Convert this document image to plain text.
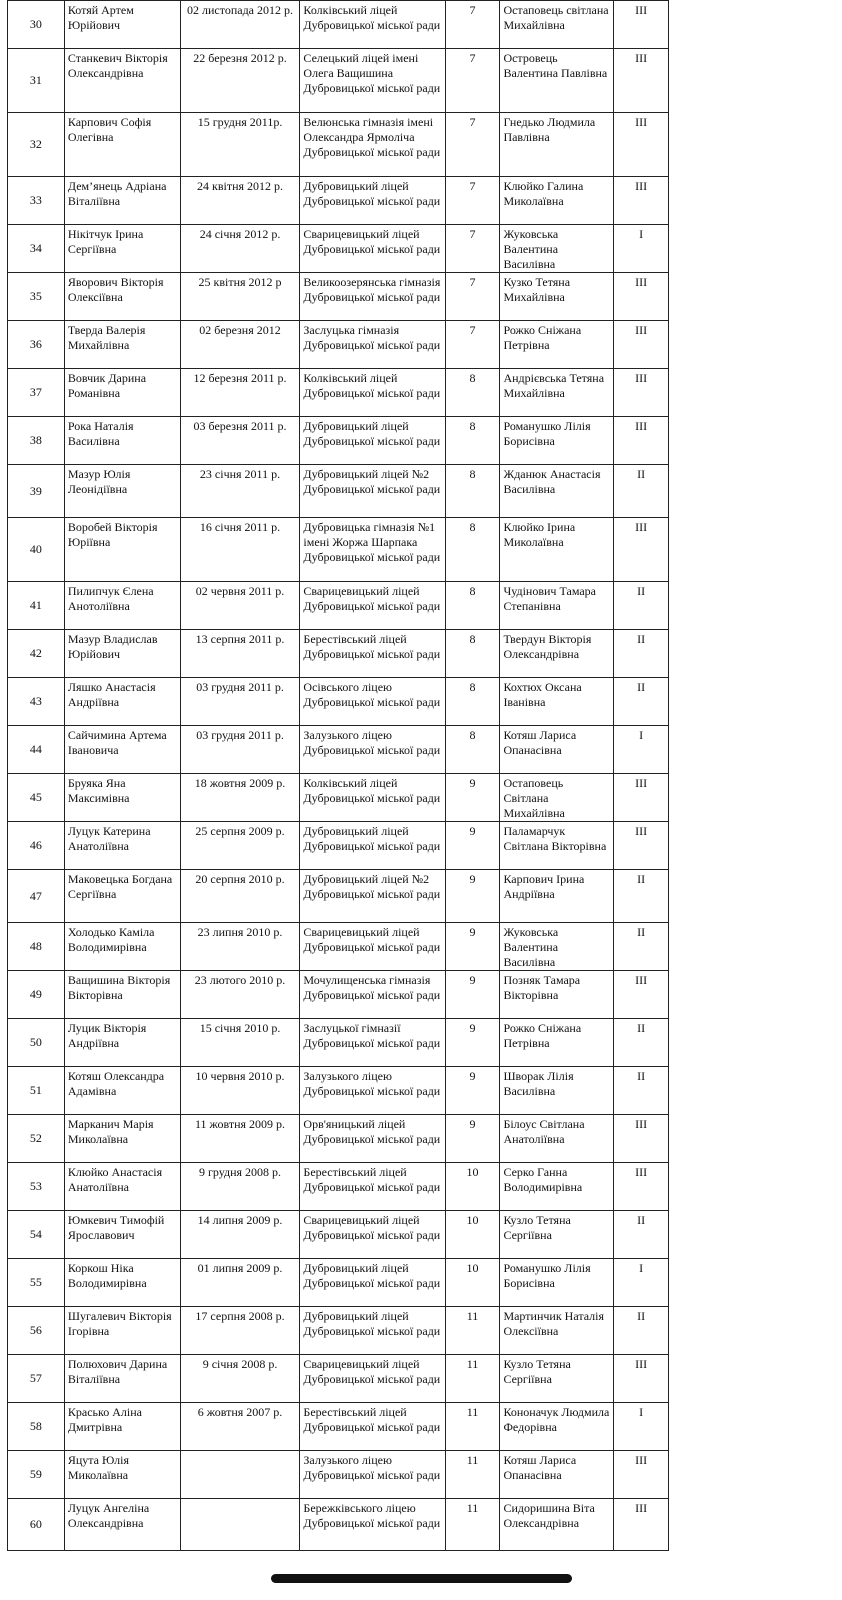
30	Котяй Артем Юрійович	02 листопада 2012 р.	Колківський ліцей Дубровицької міської ради	7	Остаповець світлана Михайлівна	III
31	Станкевич Вікторія Олександрівна	22 березня 2012 р.	Селецький ліцей імені Олега Ващишина Дубровицької міської ради	7	Островець Валентина Павлівна	III
32	Карпович Софія Олегівна	15 грудня 2011р.	Велюнська гімназія імені Олександра Ярмоліча Дубровицької міської ради	7	Гнедько Людмила Павлівна	III
33	Дем’янець Адріана Віталіївна	24 квітня 2012 р.	Дубровицький ліцей Дубровицької міської ради	7	Клюйко Галина Миколаївна	III
34	Нікітчук Ірина Сергіївна	24 січня 2012 р.	Сварицевицький ліцей Дубровицької міської ради	7	Жуковська Валентина Василівна	I
35	Яворович Вікторія Олексіївна	25 квітня 2012 р	Великоозерянська гімназія Дубровицької міської ради	7	Кузко Тетяна Михайлівна	III
36	Тверда Валерія Михайлівна	02 березня 2012	Заслуцька гімназія Дубровицької міської ради	7	Рожко Сніжана Петрівна	III
37	Вовчик Дарина Романівна	12 березня 2011 р.	Колківський ліцей Дубровицької міської ради	8	Андрієвська Тетяна Михайлівна	III
38	Рока Наталія Василівна	03 березня 2011 р.	Дубровицький ліцей Дубровицької міської ради	8	Романушко Лілія Борисівна	III
39	Мазур Юлія Леонідіївна	23 січня 2011 р.	Дубровицький ліцей №2 Дубровицької міської ради	8	Жданюк Анастасія Василівна	II
40	Воробей Вікторія Юріївна	16 січня 2011 р.	Дубровицька гімназія №1 імені Жоржа Шарпака Дубровицької міської ради	8	Клюйко Ірина Миколаївна	III
41	Пилипчук Єлена Анотоліївна	02 червня 2011 р.	Сварицевицький ліцей Дубровицької міської ради	8	Чудінович Тамара Степанівна	II
42	Мазур Владислав Юрійович	13 серпня 2011 р.	Берестівський ліцей Дубровицької міської ради	8	Твердун Вікторія Олександрівна	II
43	Ляшко Анастасія Андріївна	03 грудня 2011 р.	Осівського ліцею Дубровицької міської ради	8	Кохтюх Оксана Іванівна	II
44	Сайчимина Артема Івановича	03 грудня 2011 р.	Залузького ліцею Дубровицької міської ради	8	Котяш Лариса Опанасівна	I
45	Бруяка Яна Максимівна	18 жовтня 2009 р.	Колківський ліцей Дубровицької міської ради	9	Остаповець Світлана Михайлівна	III
46	Луцук Катерина Анатоліївна	25 серпня 2009 р.	Дубровицький ліцей Дубровицької міської ради	9	Паламарчук Світлана Вікторівна	III
47	Маковецька Богдана Сергіївна	20 серпня 2010 р.	Дубровицький ліцей №2 Дубровицької міської ради	9	Карпович Ірина Андріївна	II
48	Холодько Каміла Володимирівна	23 липня 2010 р.	Сварицевицький ліцей Дубровицької міської ради	9	Жуковська Валентина Василівна	II
49	Ващишина Вікторія Вікторівна	23 лютого 2010 р.	Мочулищенська гімназія Дубровицької міської ради	9	Позняк Тамара Вікторівна	III
50	Луцик Вікторія Андріївна	15 січня 2010 р.	Заслуцької гімназії Дубровицької міської ради	9	Рожко Сніжана Петрівна	II
51	Котяш Олександра Адамівна	10 червня 2010 р.	Залузького ліцею Дубровицької міської ради	9	Шворак Лілія Василівна	II
52	Марканич Марія Миколаївна	11 жовтня 2009 р.	Орв'яницький ліцей Дубровицької міської ради	9	Білоус Світлана Анатоліївна	III
53	Клюйко Анастасія Анатоліївна	9 грудня 2008 р.	Берестівський ліцей Дубровицької міської ради	10	Серко Ганна Володимирівна	III
54	Юмкевич Тимофій Ярославович	14 липня 2009 р.	Сварицевицький ліцей Дубровицької міської ради	10	Кузло Тетяна Сергіївна	II
55	Коркош Ніка Володимирівна	01 липня 2009 р.	Дубровицький ліцей Дубровицької міської ради	10	Романушко Лілія Борисівна	I
56	Шугалевич Вікторія Ігорівна	17 серпня 2008 р.	Дубровицький ліцей Дубровицької міської ради	11	Мартинчик Наталія Олексіївна	II
57	Полюхович Дарина Віталіївна	9 січня 2008 р.	Сварицевицький ліцей Дубровицької міської ради	11	Кузло Тетяна Сергіївна	III
58	Красько Аліна Дмитрівна	6 жовтня 2007 р.	Берестівський ліцей Дубровицької міської ради	11	Кононачук Людмила Федорівна	I
59	Яцута Юлія Миколаївна		Залузького ліцею Дубровицької міської ради	11	Котяш Лариса Опанасівна	III
60	Луцук Ангеліна Олександрівна		Бережківського ліцею Дубровицької міської ради	11	Сидоришина Віта Олександрівна	III
